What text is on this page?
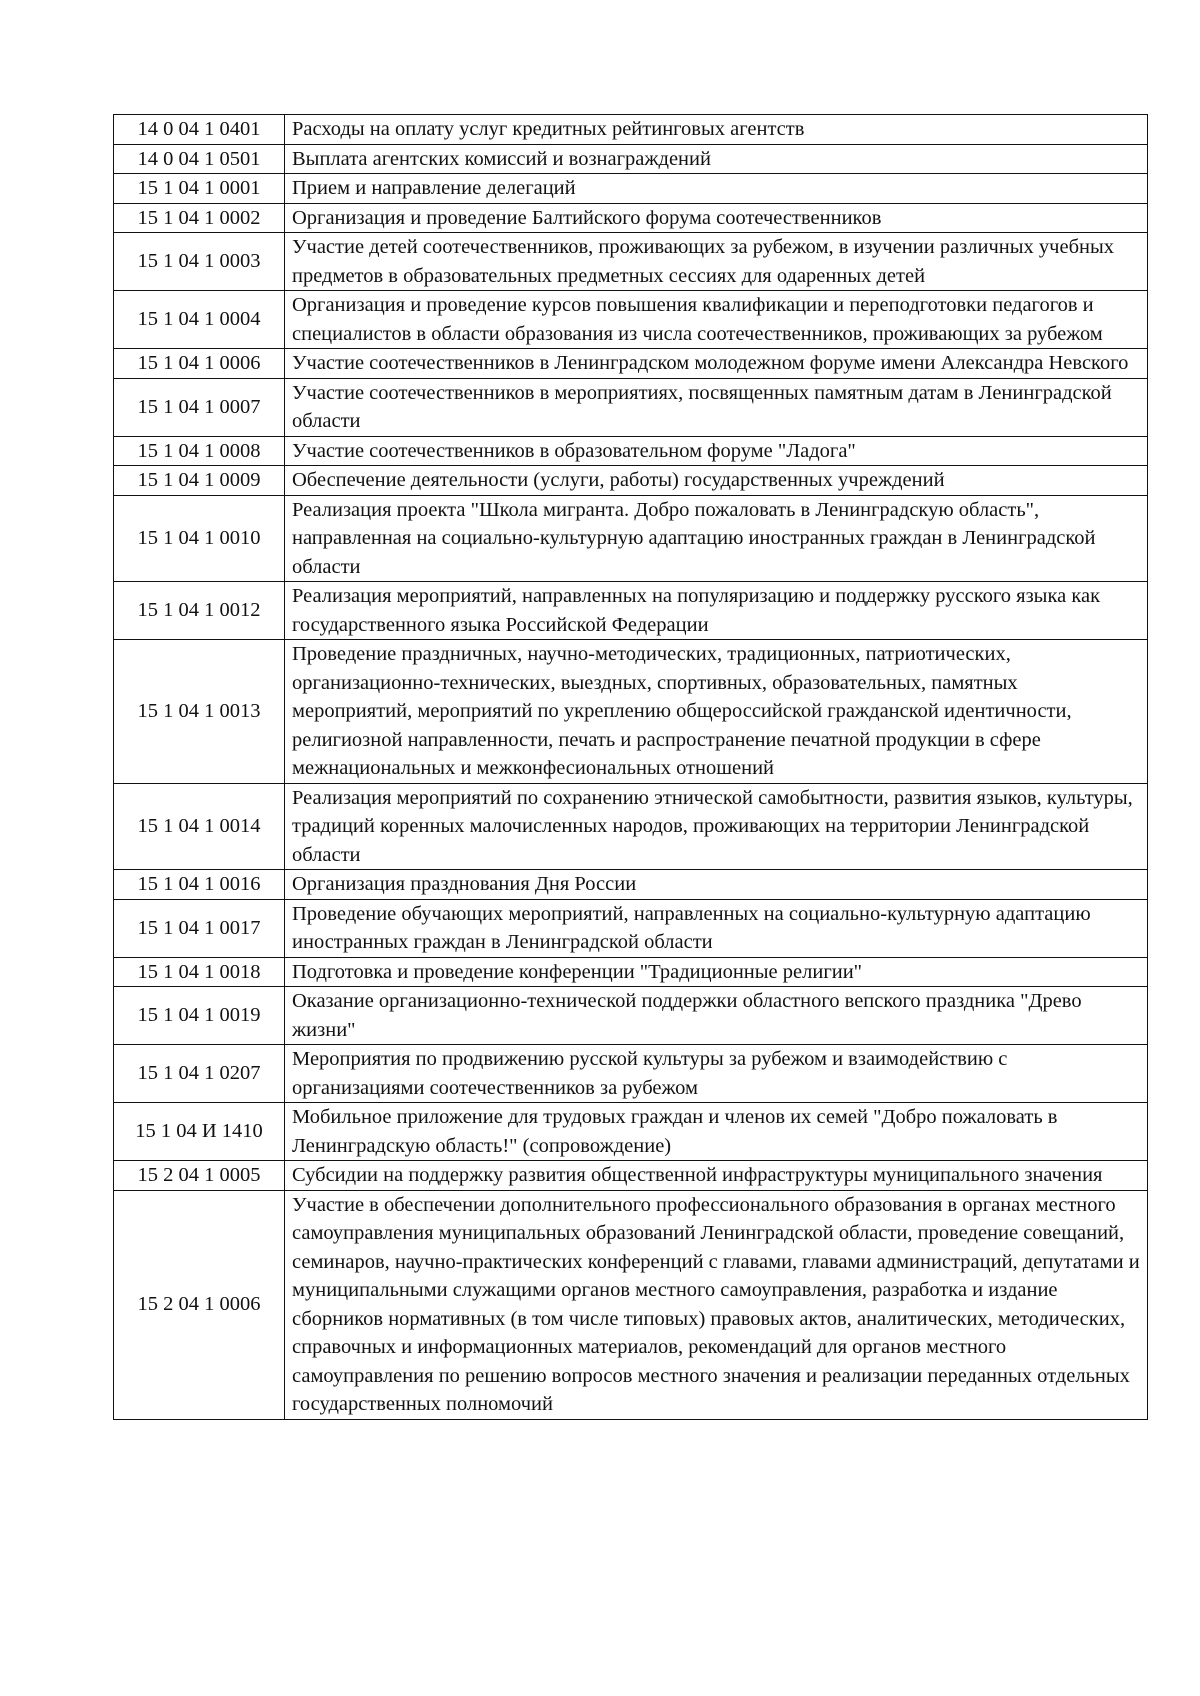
14 0 04 1 0401	Расходы на оплату услуг кредитных рейтинговых агентств
14 0 04 1 0501	Выплата агентских комиссий и вознаграждений
15 1 04 1 0001	Прием и направление делегаций
15 1 04 1 0002	Организация и проведение Балтийского форума соотечественников
15 1 04 1 0003	Участие детей соотечественников, проживающих за рубежом, в изучении различных учебных предметов в образовательных предметных сессиях для одаренных детей
15 1 04 1 0004	Организация и проведение курсов повышения квалификации и переподготовки педагогов и специалистов в области образования из числа соотечественников, проживающих за рубежом
15 1 04 1 0006	Участие соотечественников в Ленинградском молодежном форуме имени Александра Невского
15 1 04 1 0007	Участие соотечественников в мероприятиях, посвященных памятным датам в Ленинградской области
15 1 04 1 0008	Участие соотечественников в образовательном форуме "Ладога"
15 1 04 1 0009	Обеспечение деятельности (услуги, работы) государственных учреждений
15 1 04 1 0010	Реализация проекта "Школа мигранта. Добро пожаловать в Ленинградскую область", направленная на социально-культурную адаптацию иностранных граждан в Ленинградской области
15 1 04 1 0012	Реализация мероприятий, направленных на популяризацию и поддержку русского языка как государственного языка Российской Федерации
15 1 04 1 0013	Проведение праздничных, научно-методических, традиционных, патриотических, организационно-технических, выездных, спортивных, образовательных, памятных мероприятий, мероприятий по укреплению общероссийской гражданской идентичности, религиозной направленности, печать и распространение печатной продукции в сфере межнациональных и межконфесиональных отношений
15 1 04 1 0014	Реализация мероприятий по сохранению этнической самобытности, развития языков, культуры, традиций коренных малочисленных народов, проживающих на территории Ленинградской области
15 1 04 1 0016	Организация празднования Дня России
15 1 04 1 0017	Проведение обучающих мероприятий, направленных на социально-культурную адаптацию иностранных граждан в Ленинградской области
15 1 04 1 0018	Подготовка и проведение конференции "Традиционные религии"
15 1 04 1 0019	Оказание организационно-технической поддержки областного вепского праздника "Древо жизни"
15 1 04 1 0207	Мероприятия по продвижению русской культуры за рубежом и взаимодействию с организациями соотечественников за рубежом
15 1 04 И 1410	Мобильное приложение для трудовых граждан и членов их семей "Добро пожаловать в Ленинградскую область!" (сопровождение)
15 2 04 1 0005	Субсидии на поддержку развития общественной инфраструктуры муниципального значения
15 2 04 1 0006	Участие в обеспечении дополнительного профессионального образования в органах местного самоуправления муниципальных образований Ленинградской области, проведение совещаний, семинаров, научно-практических конференций с главами, главами администраций, депутатами и муниципальными служащими органов местного самоуправления, разработка и издание сборников нормативных (в том числе типовых) правовых актов, аналитических, методических, справочных и информационных материалов, рекомендаций для органов местного самоуправления по решению вопросов местного значения и реализации переданных отдельных государственных полномочий
